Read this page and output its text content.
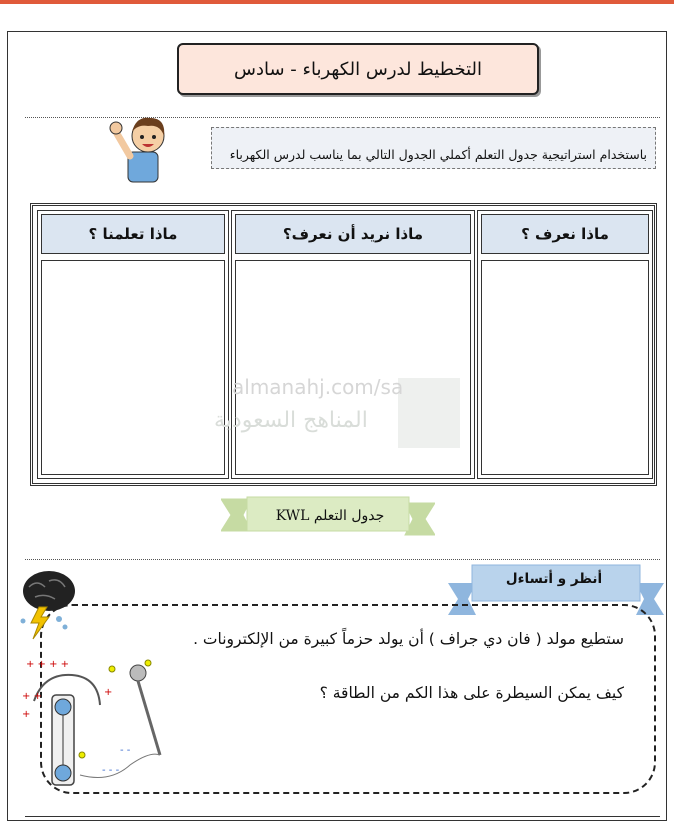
التخطيط لدرس الكهرباء - سادس
باستخدام استراتيجية جدول التعلم أكملي الجدول التالي بما يناسب لدرس الكهرباء
ماذا نعرف ؟
ماذا نريد أن نعرف؟
ماذا تعلمنا ؟
almanahj.com/sa
المناهج السعودية
جدول التعلم KWL
أنظر و أتساءل
ستطيع مولد ( فان دي جراف ) أن يولد حزماً كبيرة من الإلكترونات .
كيف يمكن السيطرة على هذا الكم من الطاقة ؟
+ + + +
+ +
+
+
- -
- - -
